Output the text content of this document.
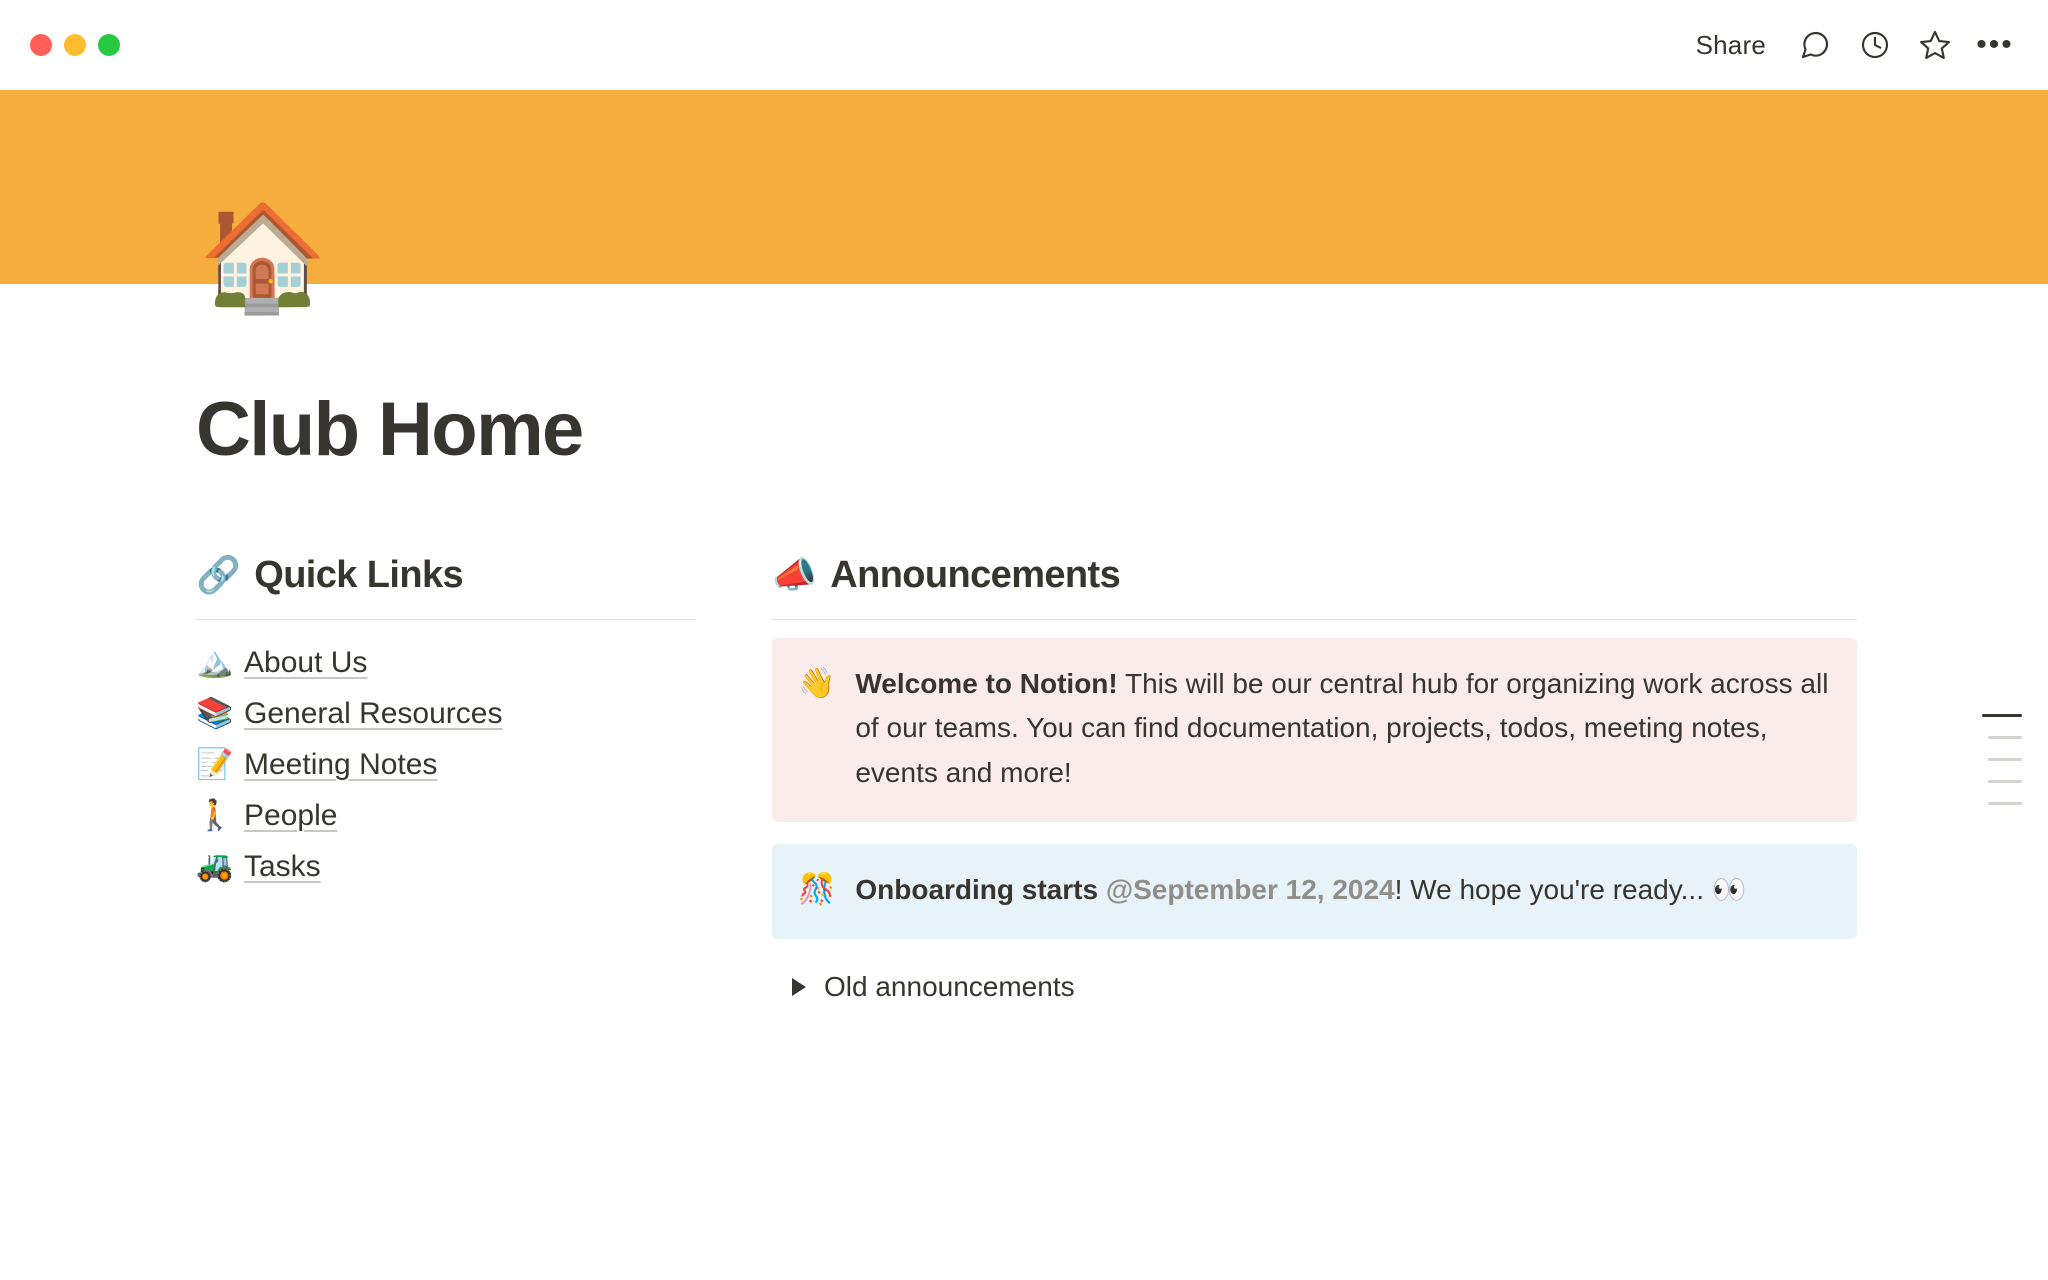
Share	•••
🏠
Club Home
🔗 Quick Links
🏔️ About Us
📚 General Resources
📝 Meeting Notes
🚶 People
🚜 Tasks
📣 Announcements
👋 Welcome to Notion! This will be our central hub for organizing work across all of our teams. You can find documentation, projects, todos, meeting notes, events and more!
🎊 Onboarding starts @September 12, 2024! We hope you're ready... 👀
Old announcements
